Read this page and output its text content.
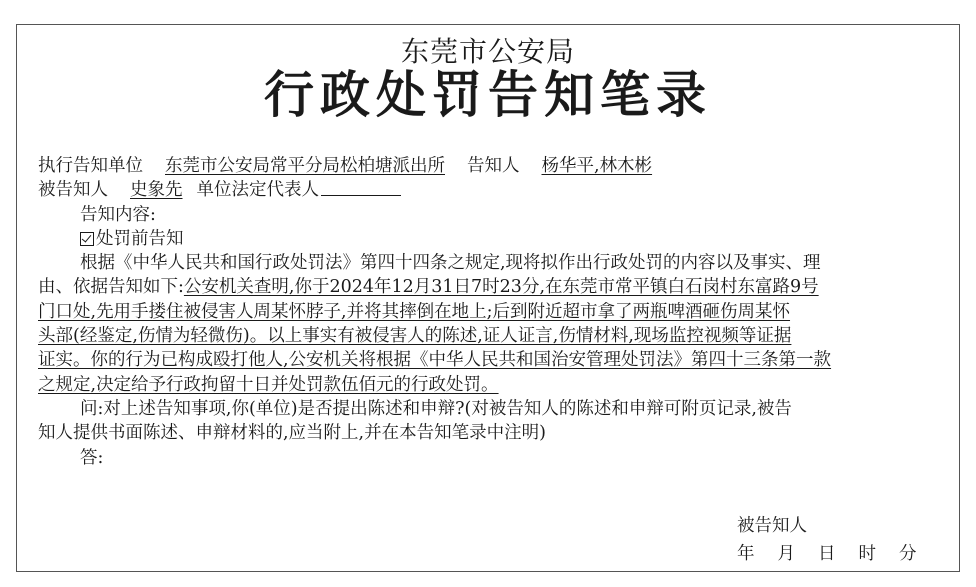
东莞市公安局
行政处罚告知笔录
执行告知单位 东莞市公安局常平分局松柏塘派出所 告知人 杨华平,林木彬
被告知人 史象先 单位法定代表人
告知内容:
处罚前告知
根据《中华人民共和国行政处罚法》第四十四条之规定,现将拟作出行政处罚的内容以及事实、理
由、依据告知如下:公安机关查明,你于2024年12月31日7时23分,在东莞市常平镇白石岗村东富路9号
门口处,先用手搂住被侵害人周某怀脖子,并将其摔倒在地上;后到附近超市拿了两瓶啤酒砸伤周某怀
头部(经鉴定,伤情为轻微伤)。以上事实有被侵害人的陈述,证人证言,伤情材料,现场监控视频等证据
证实。你的行为已构成殴打他人,公安机关将根据《中华人民共和国治安管理处罚法》第四十三条第一款
之规定,决定给予行政拘留十日并处罚款伍佰元的行政处罚。
问:对上述告知事项,你(单位)是否提出陈述和申辩?(对被告知人的陈述和申辩可附页记录,被告
知人提供书面陈述、申辩材料的,应当附上,并在本告知笔录中注明)
答:
被告知人
年 月 日 时 分
